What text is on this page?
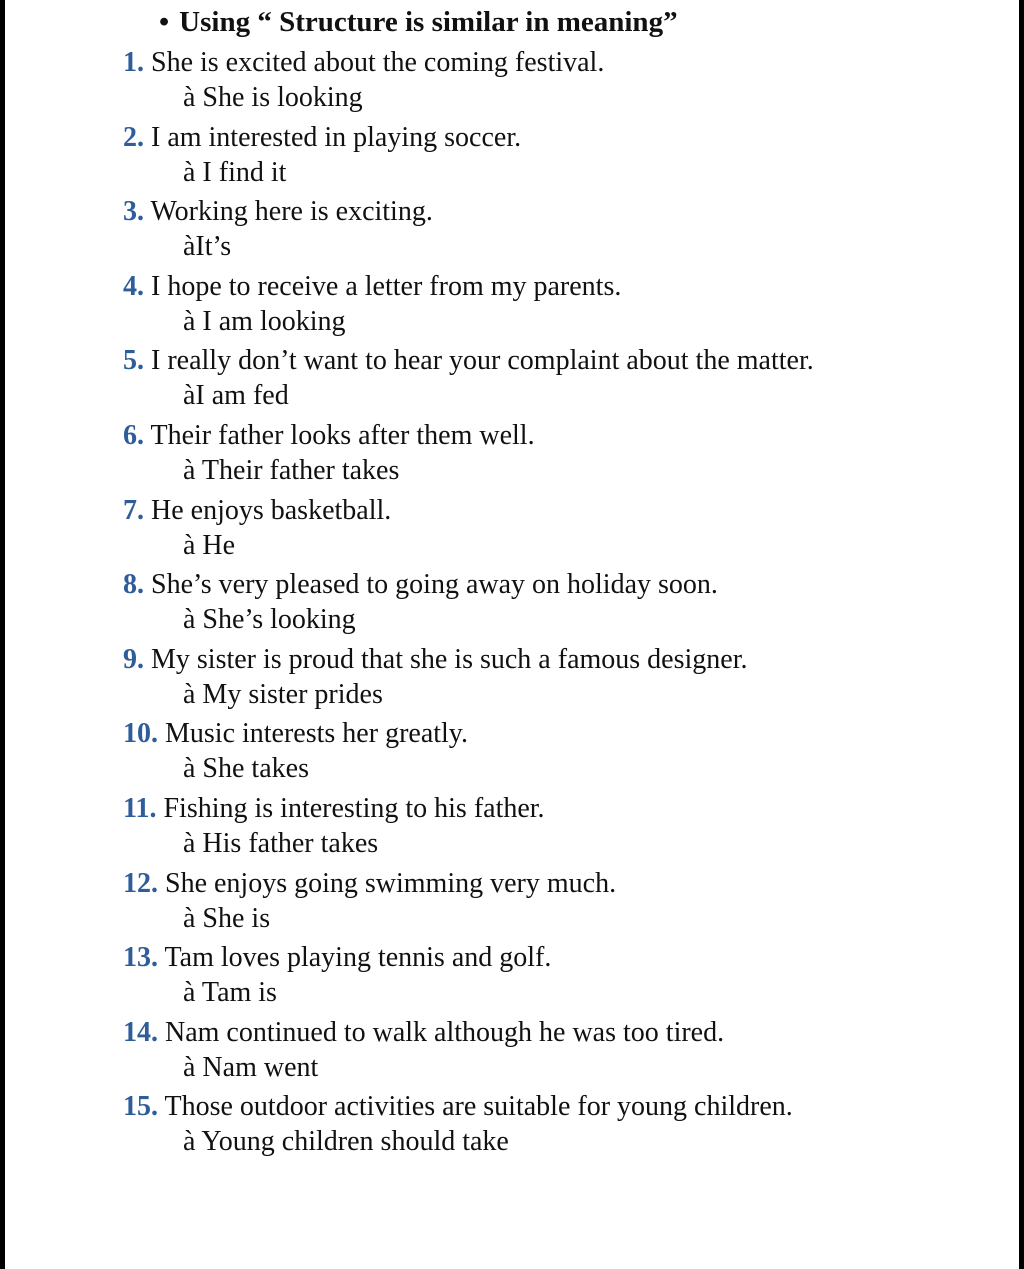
• Using “ Structure is similar in meaning”
1. She is excited about the coming festival.
à She is looking
2. I am interested in playing soccer.
à I find it
3. Working here is exciting.
àIt’s
4. I hope to receive a letter from my parents.
à I am looking
5. I really don’t want to hear your complaint about the matter.
àI am fed
6. Their father looks after them well.
à Their father takes
7. He enjoys basketball.
à He
8. She’s very pleased to going away on holiday soon.
à She’s looking
9. My sister is proud that she is such a famous designer.
à My sister prides
10. Music interests her greatly.
à She takes
11. Fishing is interesting to his father.
à His father takes
12. She enjoys going swimming very much.
à She is
13. Tam loves playing tennis and golf.
à Tam is
14. Nam continued to walk although he was too tired.
à Nam went
15. Those outdoor activities are suitable for young children.
à Young children should take
